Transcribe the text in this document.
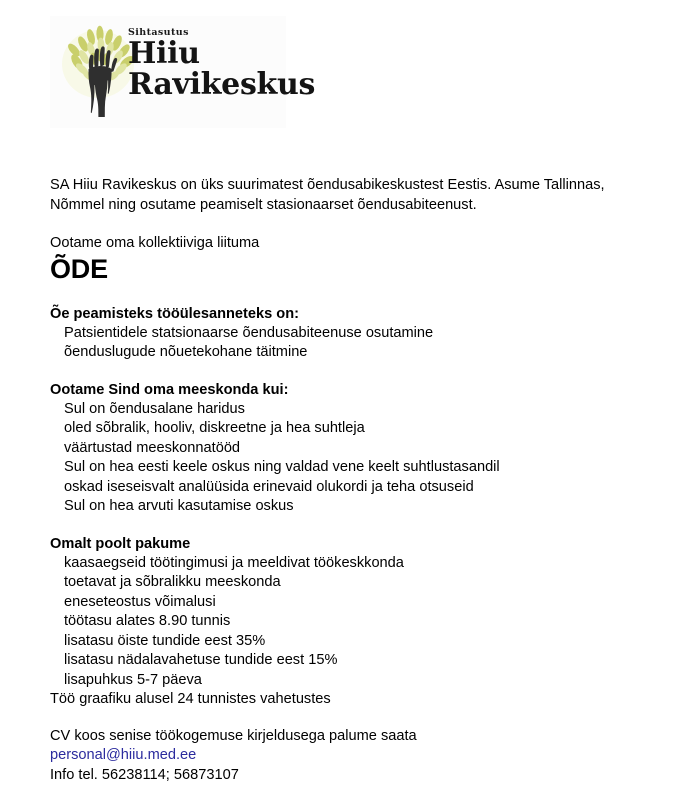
Sihtasutus
Hiiu
Ravikeskus

SA Hiiu Ravikeskus on üks suurimatest õendusabikeskustest Eestis. Asume Tallinnas, Nõmmel ning osutame peamiselt stasionaarset õendusabiteenust.

Ootame oma kollektiiviga liituma

ÕDE

Õe peamisteks tööülesanneteks on:

Patsientidele statsionaarse õendusabiteenuse osutamine

õenduslugude nõuetekohane täitmine

Ootame Sind oma meeskonda kui:

Sul on õendusalane haridus

oled sõbralik, hooliv, diskreetne ja hea suhtleja

väärtustad meeskonnatööd

Sul on hea eesti keele oskus ning valdad vene keelt suhtlustasandil

oskad iseseisvalt analüüsida erinevaid olukordi ja teha otsuseid

Sul on hea arvuti kasutamise oskus

Omalt poolt pakume

kaasaegseid töötingimusi ja meeldivat töökeskkonda

toetavat ja sõbralikku meeskonda

eneseteostus võimalusi

töötasu alates 8.90 tunnis

lisatasu öiste tundide eest 35%

lisatasu nädalavahetuse tundide eest 15%

lisapuhkus 5-7 päeva

Töö graafiku alusel 24 tunnistes vahetustes

CV koos senise töökogemuse kirjeldusega palume saata

personal@hiiu.med.ee

Info tel. 56238114; 56873107
